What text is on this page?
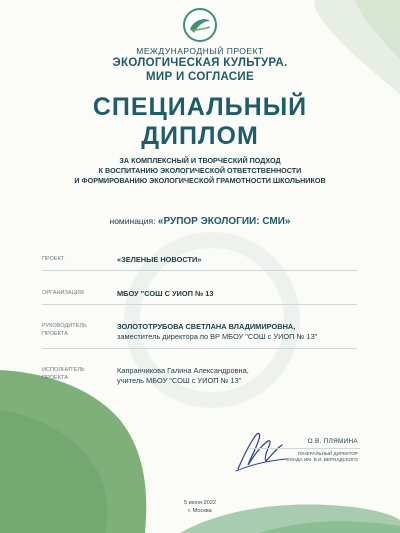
МЕЖДУНАРОДНЫЙ ПРОЕКТ
ЭКОЛОГИЧЕСКАЯ КУЛЬТУРА.
МИР И СОГЛАСИЕ
СПЕЦИАЛЬНЫЙ
ДИПЛОМ
ЗА КОМПЛЕКСНЫЙ И ТВОРЧЕСКИЙ ПОДХОД
К ВОСПИТАНИЮ ЭКОЛОГИЧЕСКОЙ ОТВЕТСТВЕННОСТИ
И ФОРМИРОВАНИЮ ЭКОЛОГИЧЕСКОЙ ГРАМОТНОСТИ ШКОЛЬНИКОВ
номинация: «РУПОР ЭКОЛОГИИ: СМИ»
ПРОЕКТ	«ЗЕЛЕНЫЕ НОВОСТИ»
ОРГАНИЗАЦИЯ	МБОУ "СОШ С УИОП № 13
РУКОВОДИТЕЛЬ ПРОЕКТА
ЗОЛОТОТРУБОВА СВЕТЛАНА ВЛАДИМИРОВНА,
заместитель директора по ВР МБОУ "СОШ с УИОП № 13"
ИСПОЛНИТЕЛЬ
ПРОЕКТА
Капранчикова Галина Александровна,
учитель МБОУ "СОШ с УИОП № 13"
О.В. ПЛЯМИНА
ГЕНЕРАЛЬНЫЙ ДИРЕКТОР
ФОНДА ИМ. В.И. ВЕРНАДСКОГО
5 июня 2022
г. Москва
